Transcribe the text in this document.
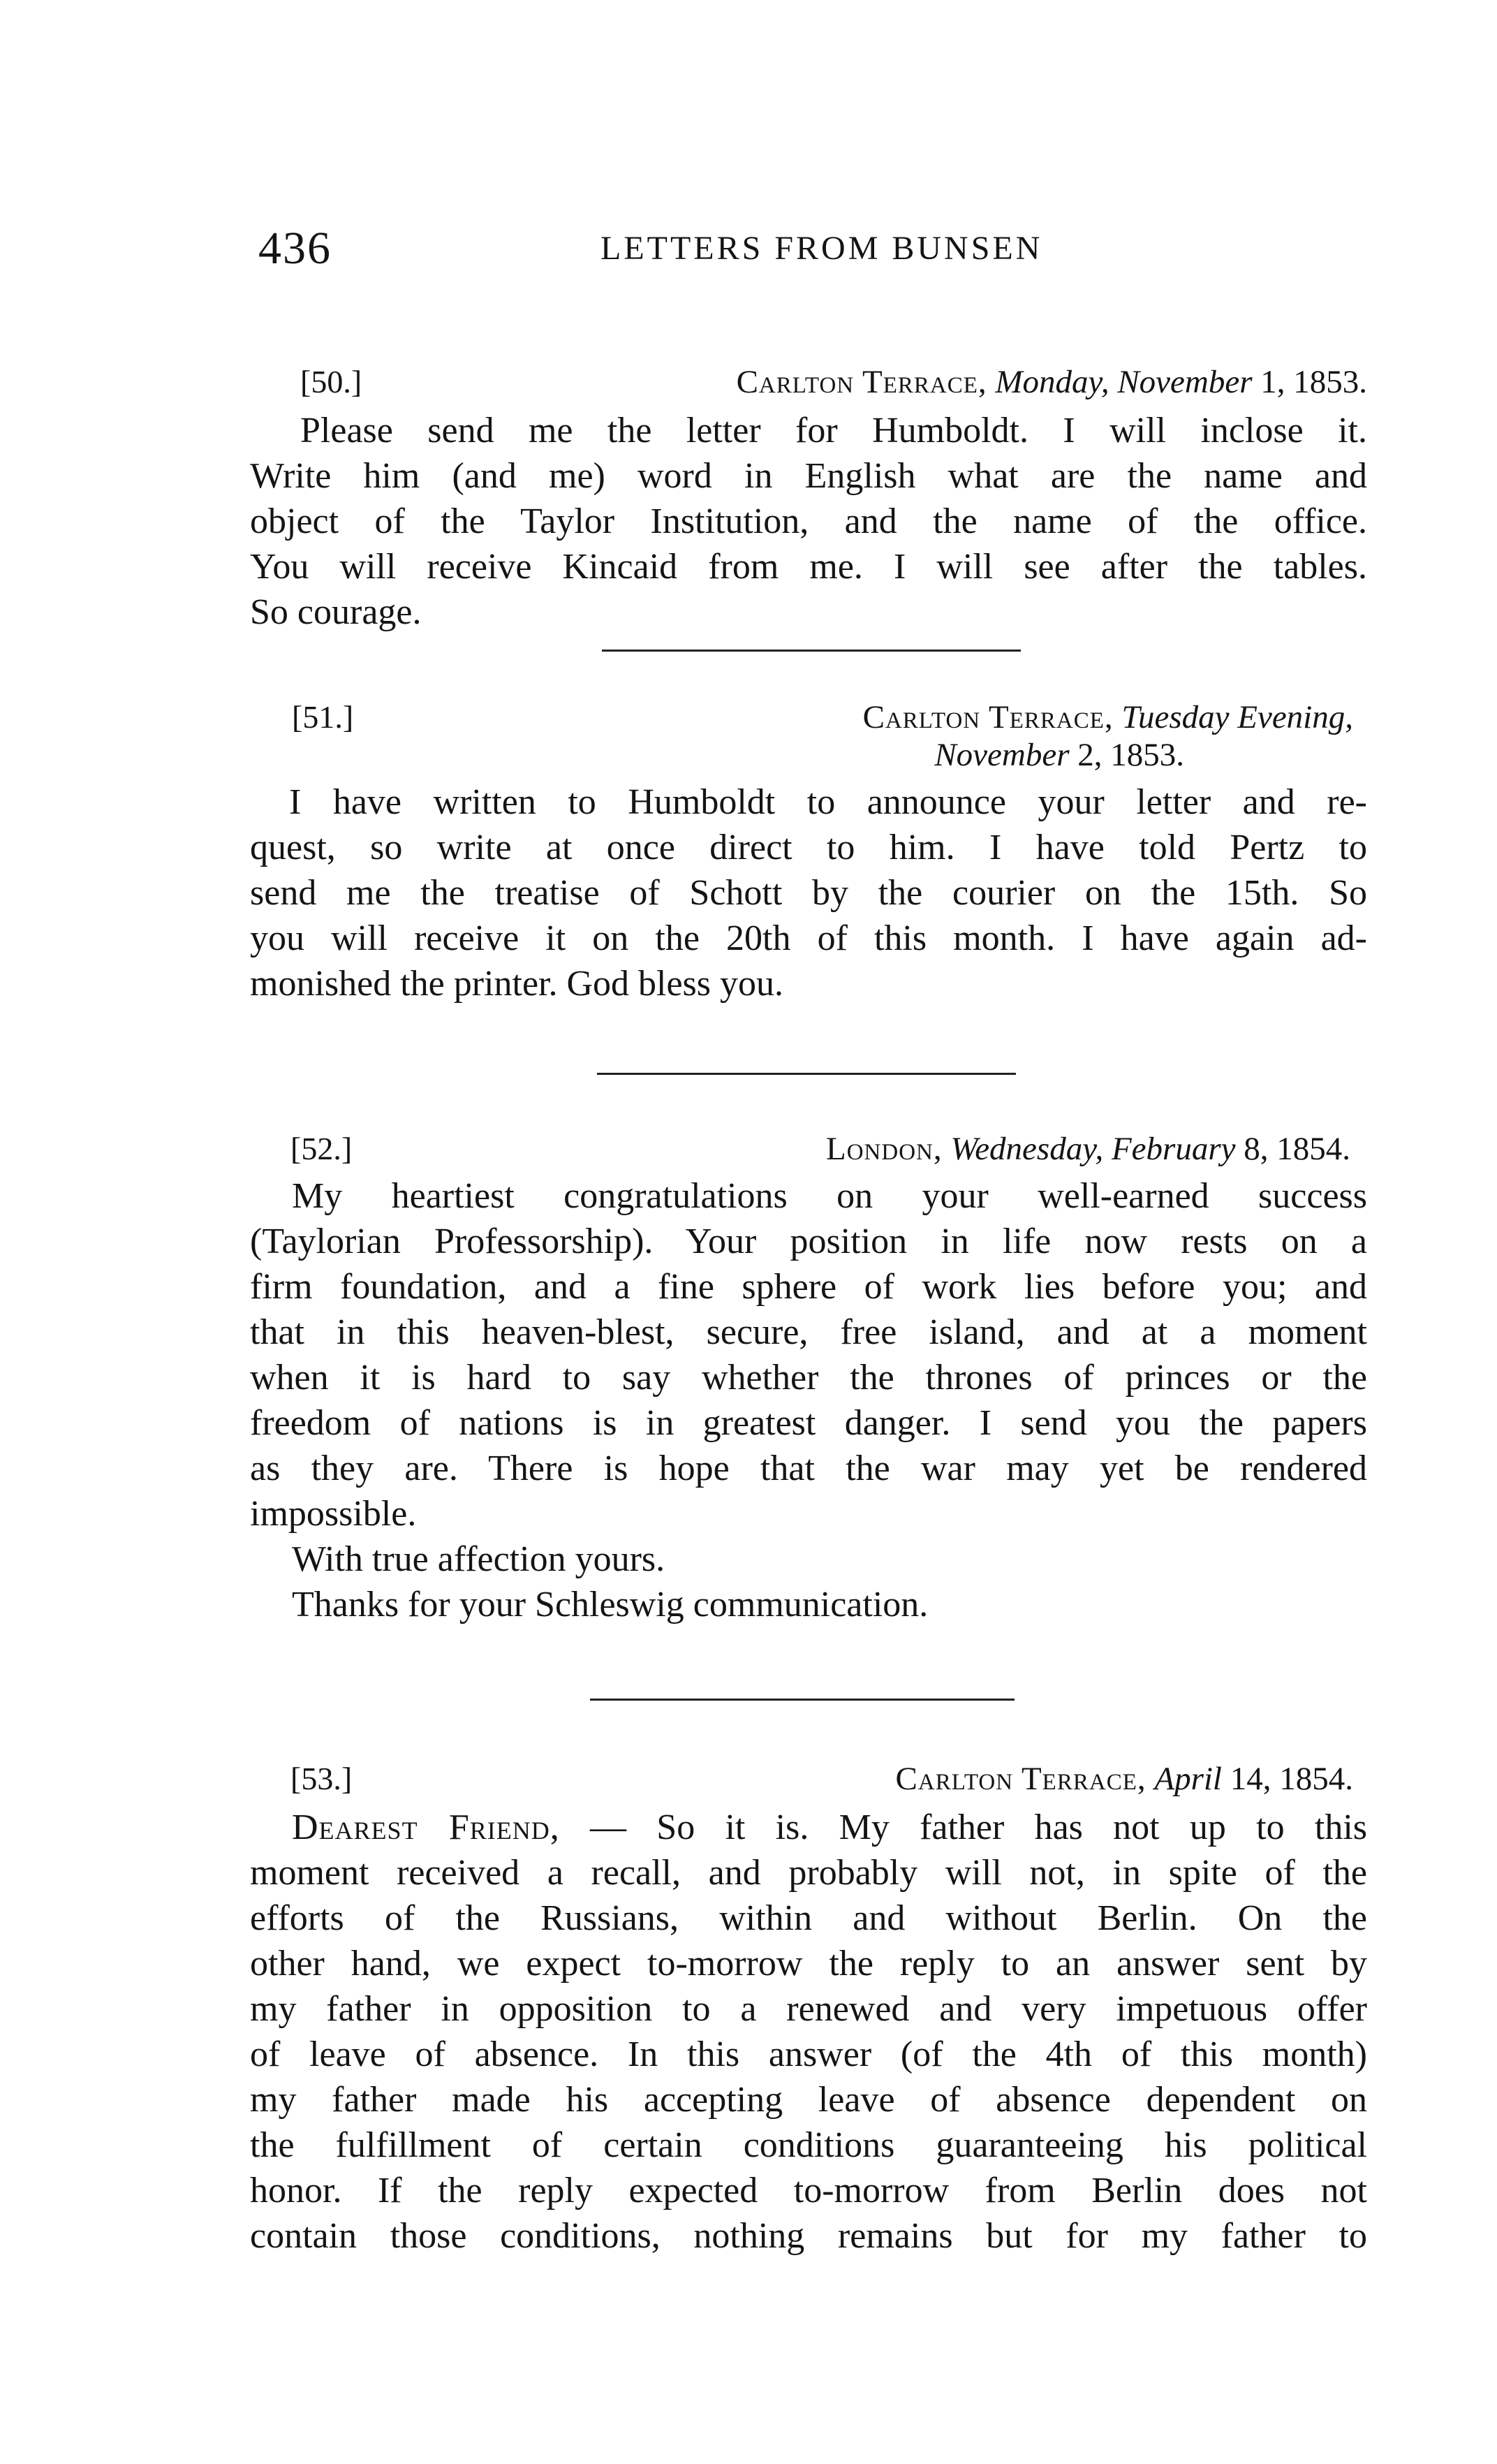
436	LETTERS FROM BUNSEN
[50.]	Carlton Terrace, Monday, November 1, 1853.
Please send me the letter for Humboldt. I will inclose it.
Write him (and me) word in English what are the name and
object of the Taylor Institution, and the name of the office.
You will receive Kincaid from me. I will see after the tables.
So courage.
[51.]	Carlton Terrace, Tuesday Evening,
November 2, 1853.
I have written to Humboldt to announce your letter and re-
quest, so write at once direct to him. I have told Pertz to
send me the treatise of Schott by the courier on the 15th. So
you will receive it on the 20th of this month. I have again ad-
monished the printer. God bless you.
[52.]	London, Wednesday, February 8, 1854.
My heartiest congratulations on your well-earned success
(Taylorian Professorship). Your position in life now rests on a
firm foundation, and a fine sphere of work lies before you; and
that in this heaven-blest, secure, free island, and at a moment
when it is hard to say whether the thrones of princes or the
freedom of nations is in greatest danger. I send you the papers
as they are. There is hope that the war may yet be rendered
impossible.
With true affection yours.
Thanks for your Schleswig communication.
[53.]	Carlton Terrace, April 14, 1854.
Dearest Friend, — So it is. My father has not up to this
moment received a recall, and probably will not, in spite of the
efforts of the Russians, within and without Berlin. On the
other hand, we expect to-morrow the reply to an answer sent by
my father in opposition to a renewed and very impetuous offer
of leave of absence. In this answer (of the 4th of this month)
my father made his accepting leave of absence dependent on
the fulfillment of certain conditions guaranteeing his political
honor. If the reply expected to-morrow from Berlin does not
contain those conditions, nothing remains but for my father to
